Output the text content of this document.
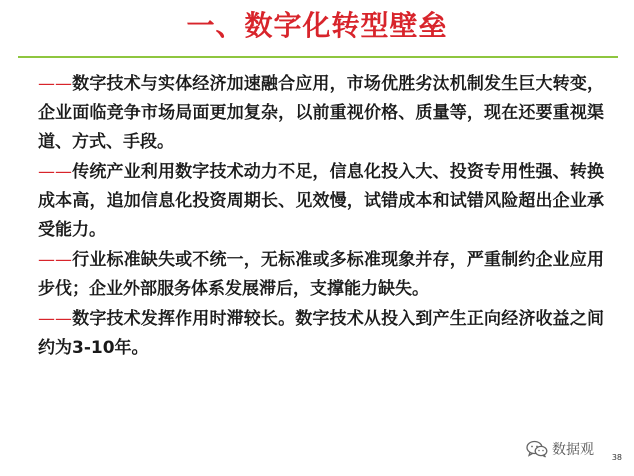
一、数字化转型壁垒

——数字技术与实体经济加速融合应用，市场优胜劣汰机制发生巨大转变，企业面临竞争市场局面更加复杂，以前重视价格、质量等，现在还要重视渠道、方式、手段。

——传统产业利用数字技术动力不足，信息化投入大、投资专用性强、转换成本高，追加信息化投资周期长、见效慢，试错成本和试错风险超出企业承受能力。

——行业标准缺失或不统一，无标准或多标准现象并存，严重制约企业应用步伐；企业外部服务体系发展滞后，支撑能力缺失。

——数字技术发挥作用时滞较长。数字技术从投入到产生正向经济收益之间约为3-10年。

数据观 38
